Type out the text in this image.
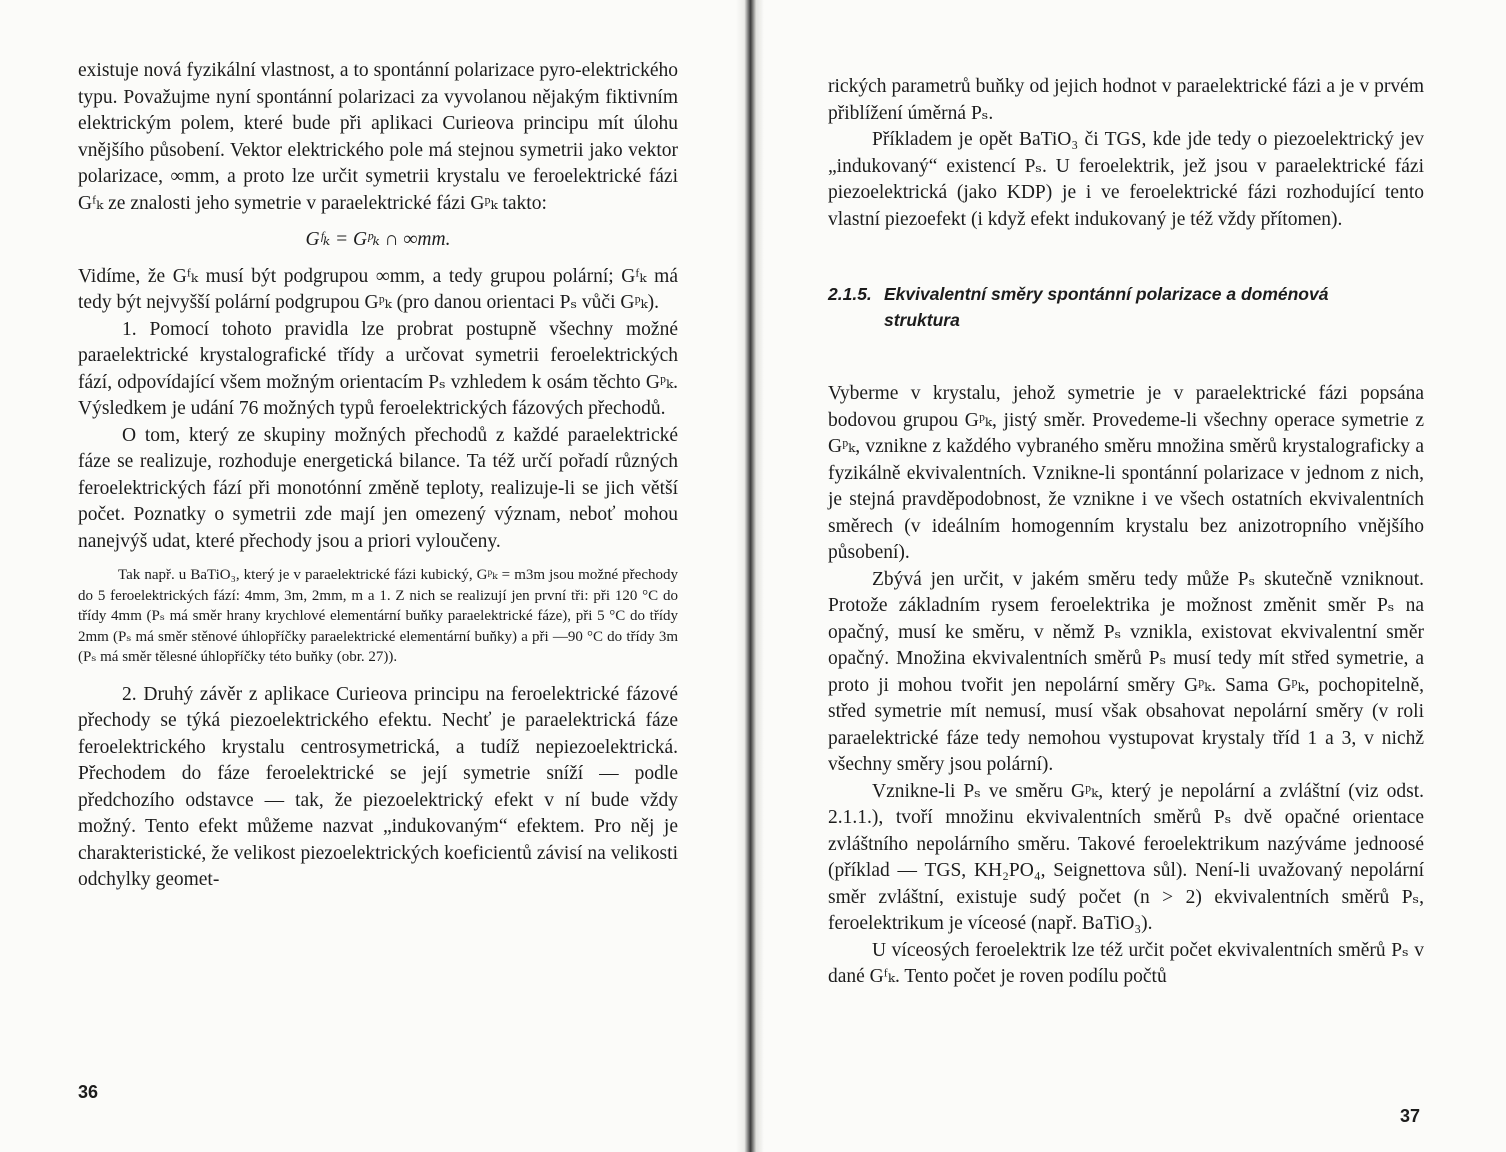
existuje nová fyzikální vlastnost, a to spontánní polarizace pyro-elektrického typu. Považujme nyní spontánní polarizaci za vyvolanou nějakým fiktivním elektrickým polem, které bude při aplikaci Curieova principu mít úlohu vnějšího působení. Vektor elektrického pole má stejnou symetrii jako vektor polarizace, ∞mm, a proto lze určit symetrii krystalu ve feroelektrické fázi Gᶠₖ ze znalosti jeho symetrie v paraelektrické fázi Gᵖₖ takto:

Gᶠₖ = Gᵖₖ ∩ ∞mm.

Vidíme, že Gᶠₖ musí být podgrupou ∞mm, a tedy grupou polární; Gᶠₖ má tedy být nejvyšší polární podgrupou Gᵖₖ (pro danou orientaci Pₛ vůči Gᵖₖ).

1. Pomocí tohoto pravidla lze probrat postupně všechny možné paraelektrické krystalografické třídy a určovat symetrii feroelektrických fází, odpovídající všem možným orientacím Pₛ vzhledem k osám těchto Gᵖₖ. Výsledkem je udání 76 možných typů feroelektrických fázových přechodů.

O tom, který ze skupiny možných přechodů z každé paraelektrické fáze se realizuje, rozhoduje energetická bilance. Ta též určí pořadí různých feroelektrických fází při monotónní změně teploty, realizuje-li se jich větší počet. Poznatky o symetrii zde mají jen omezený význam, neboť mohou nanejvýš udat, které přechody jsou a priori vyloučeny.

Tak např. u BaTiO₃, který je v paraelektrické fázi kubický, Gᵖₖ = m3m jsou možné přechody do 5 feroelektrických fází: 4mm, 3m, 2mm, m a 1. Z nich se realizují jen první tři: při 120 °C do třídy 4mm (Pₛ má směr hrany krychlové elementární buňky paraelektrické fáze), při 5 °C do třídy 2mm (Pₛ má směr stěnové úhlopříčky paraelektrické elementární buňky) a při —90 °C do třídy 3m (Pₛ má směr tělesné úhlopříčky této buňky (obr. 27)).

2. Druhý závěr z aplikace Curieova principu na feroelektrické fázové přechody se týká piezoelektrického efektu. Nechť je paraelektrická fáze feroelektrického krystalu centrosymetrická, a tudíž nepiezoelektrická. Přechodem do fáze feroelektrické se její symetrie sníží — podle předchozího odstavce — tak, že piezoelektrický efekt v ní bude vždy možný. Tento efekt můžeme nazvat „indukovaným“ efektem. Pro něj je charakteristické, že velikost piezoelektrických koeficientů závisí na velikosti odchylky geomet-

36

rických parametrů buňky od jejich hodnot v paraelektrické fázi a je v prvém přiblížení úměrná Pₛ.

Příkladem je opět BaTiO₃ či TGS, kde jde tedy o piezoelektrický jev „indukovaný“ existencí Pₛ. U feroelektrik, jež jsou v paraelektrické fázi piezoelektrická (jako KDP) je i ve feroelektrické fázi rozhodující tento vlastní piezoefekt (i když efekt indukovaný je též vždy přítomen).

2.1.5. Ekvivalentní směry spontánní polarizace a doménová
struktura

Vyberme v krystalu, jehož symetrie je v paraelektrické fázi popsána bodovou grupou Gᵖₖ, jistý směr. Provedeme-li všechny operace symetrie z Gᵖₖ, vznikne z každého vybraného směru množina směrů krystalograficky a fyzikálně ekvivalentních. Vznikne-li spontánní polarizace v jednom z nich, je stejná pravděpodobnost, že vznikne i ve všech ostatních ekvivalentních směrech (v ideálním homogenním krystalu bez anizotropního vnějšího působení).

Zbývá jen určit, v jakém směru tedy může Pₛ skutečně vzniknout. Protože základním rysem feroelektrika je možnost změnit směr Pₛ na opačný, musí ke směru, v němž Pₛ vznikla, existovat ekvivalentní směr opačný. Množina ekvivalentních směrů Pₛ musí tedy mít střed symetrie, a proto ji mohou tvořit jen nepolární směry Gᵖₖ. Sama Gᵖₖ, pochopitelně, střed symetrie mít nemusí, musí však obsahovat nepolární směry (v roli paraelektrické fáze tedy nemohou vystupovat krystaly tříd 1 a 3, v nichž všechny směry jsou polární).

Vznikne-li Pₛ ve směru Gᵖₖ, který je nepolární a zvláštní (viz odst. 2.1.1.), tvoří množinu ekvivalentních směrů Pₛ dvě opačné orientace zvláštního nepolárního směru. Takové feroelektrikum nazýváme jednoosé (příklad — TGS, KH₂PO₄, Seignettova sůl). Není-li uvažovaný nepolární směr zvláštní, existuje sudý počet (n > 2) ekvivalentních směrů Pₛ, feroelektrikum je víceosé (např. BaTiO₃).

U víceosých feroelektrik lze též určit počet ekvivalentních směrů Pₛ v dané Gᶠₖ. Tento počet je roven podílu počtů

37
